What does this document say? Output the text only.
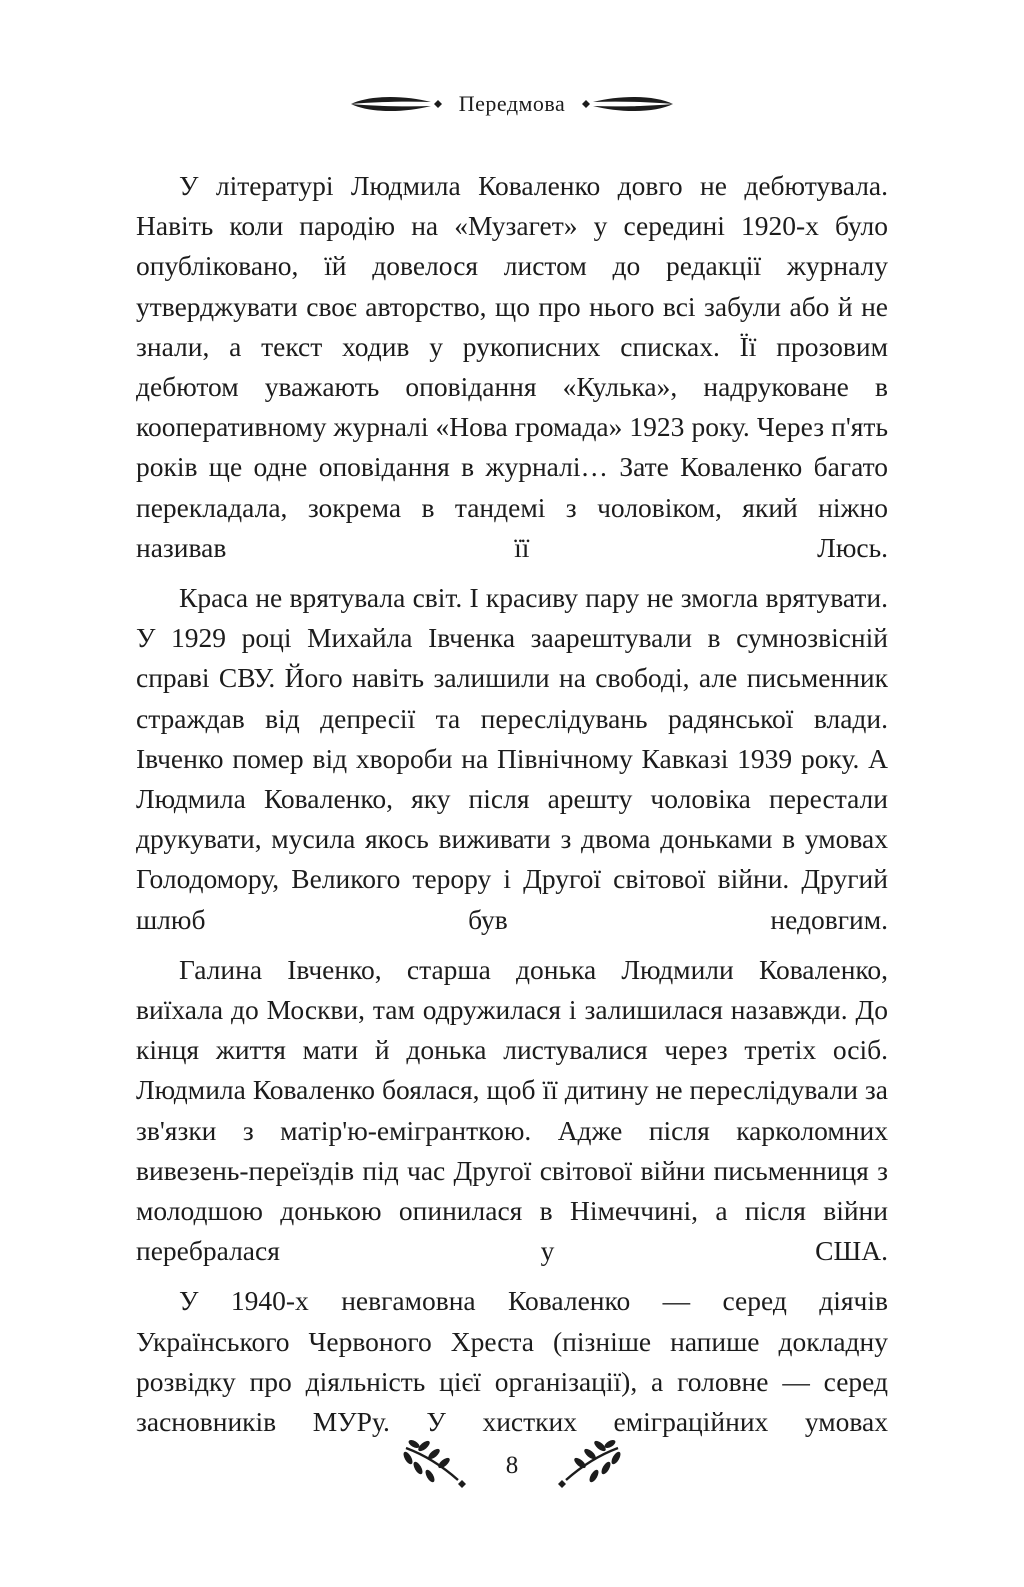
Передмова

У літературі Людмила Коваленко довго не дебютувала. Навіть коли пародію на «Музагет» у середині 1920-х було опубліковано, їй довелося листом до редакції журналу утверджувати своє авторство, що про нього всі забули або й не знали, а текст ходив у рукописних списках. Її прозовим дебютом уважають оповідання «Кулька», надруковане в кооперативному журналі «Нова громада» 1923 року. Через п'ять років ще одне оповідання в журналі… Зате Коваленко багато перекладала, зокрема в тандемі з чоловіком, який ніжно називав її Люсь.

Краса не врятувала світ. І красиву пару не змогла врятувати. У 1929 році Михайла Івченка заарештували в сумнозвісній справі СВУ. Його навіть залишили на свободі, але письменник страждав від депресії та переслідувань радянської влади. Івченко помер від хвороби на Північному Кавказі 1939 року. А Людмила Коваленко, яку після арешту чоловіка перестали друкувати, мусила якось виживати з двома доньками в умовах Голодомору, Великого терору і Другої світової війни. Другий шлюб був недовгим.

Галина Івченко, старша донька Людмили Коваленко, виїхала до Москви, там одружилася і залишилася назавжди. До кінця життя мати й донька листувалися через третіх осіб. Людмила Коваленко боялася, щоб її дитину не переслідували за зв'язки з матір'ю-емігранткою. Адже після карколомних вивезень-переїздів під час Другої світової війни письменниця з молодшою донькою опинилася в Німеччині, а після війни перебралася у США.

У 1940-х невгамовна Коваленко — серед діячів Українського Червоного Хреста (пізніше напише докладну розвідку про діяльність цієї організації), а головне — серед засновників МУРу. У хистких еміграційних умовах

8
